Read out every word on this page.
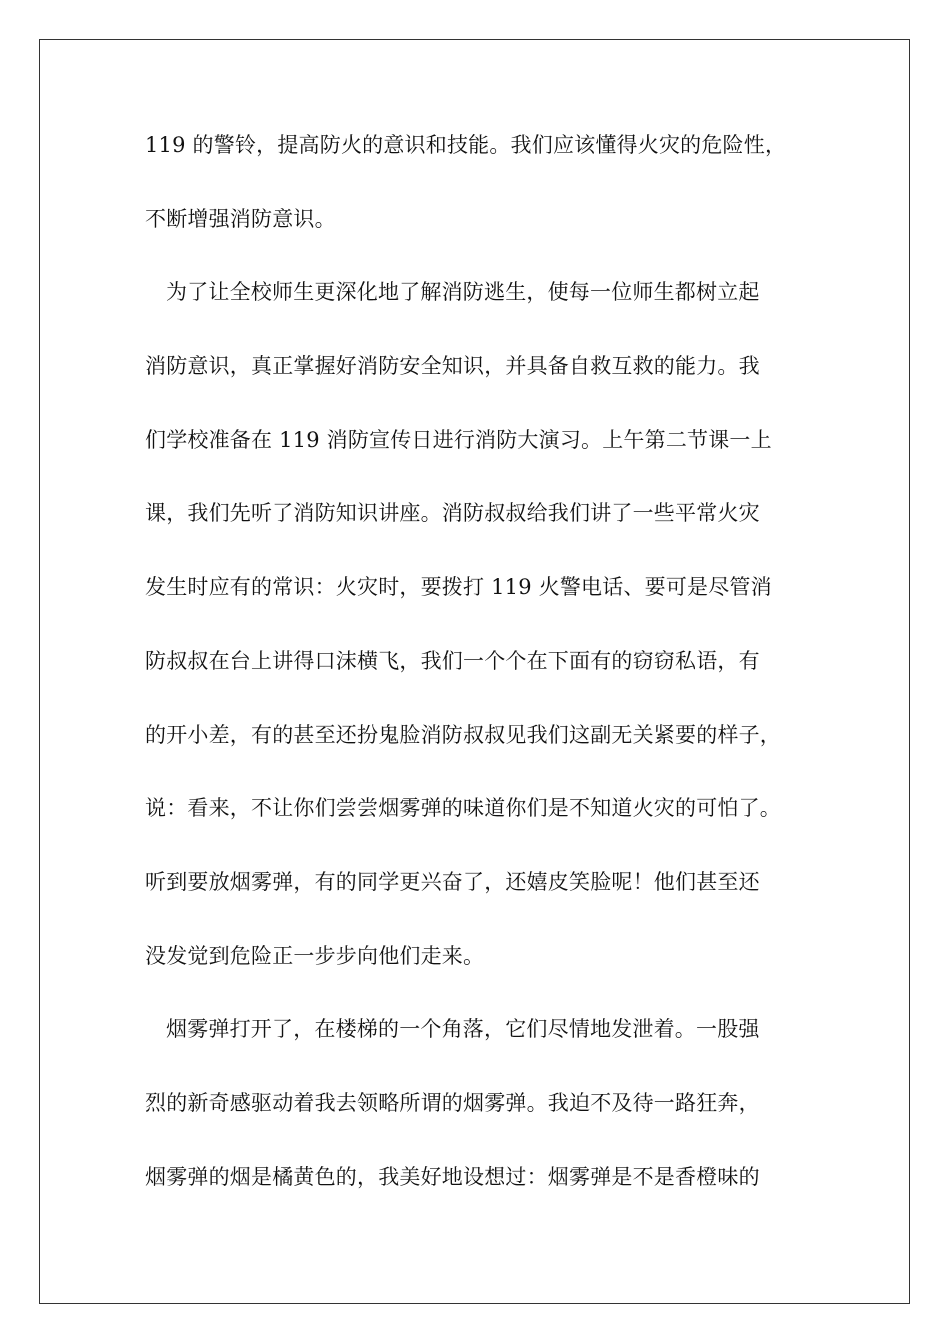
119 的警铃，提高防火的意识和技能。我们应该懂得火灾的危险性，
不断增强消防意识。
为了让全校师生更深化地了解消防逃生，使每一位师生都树立起
消防意识，真正掌握好消防安全知识，并具备自救互救的能力。我
们学校准备在 119 消防宣传日进行消防大演习。上午第二节课一上
课，我们先听了消防知识讲座。消防叔叔给我们讲了一些平常火灾
发生时应有的常识：火灾时，要拨打 119 火警电话、要可是尽管消
防叔叔在台上讲得口沫横飞，我们一个个在下面有的窃窃私语，有
的开小差，有的甚至还扮鬼脸消防叔叔见我们这副无关紧要的样子，
说：看来，不让你们尝尝烟雾弹的味道你们是不知道火灾的可怕了。
听到要放烟雾弹，有的同学更兴奋了，还嬉皮笑脸呢！他们甚至还
没发觉到危险正一步步向他们走来。
烟雾弹打开了，在楼梯的一个角落，它们尽情地发泄着。一股强
烈的新奇感驱动着我去领略所谓的烟雾弹。我迫不及待一路狂奔，
烟雾弹的烟是橘黄色的，我美好地设想过：烟雾弹是不是香橙味的
